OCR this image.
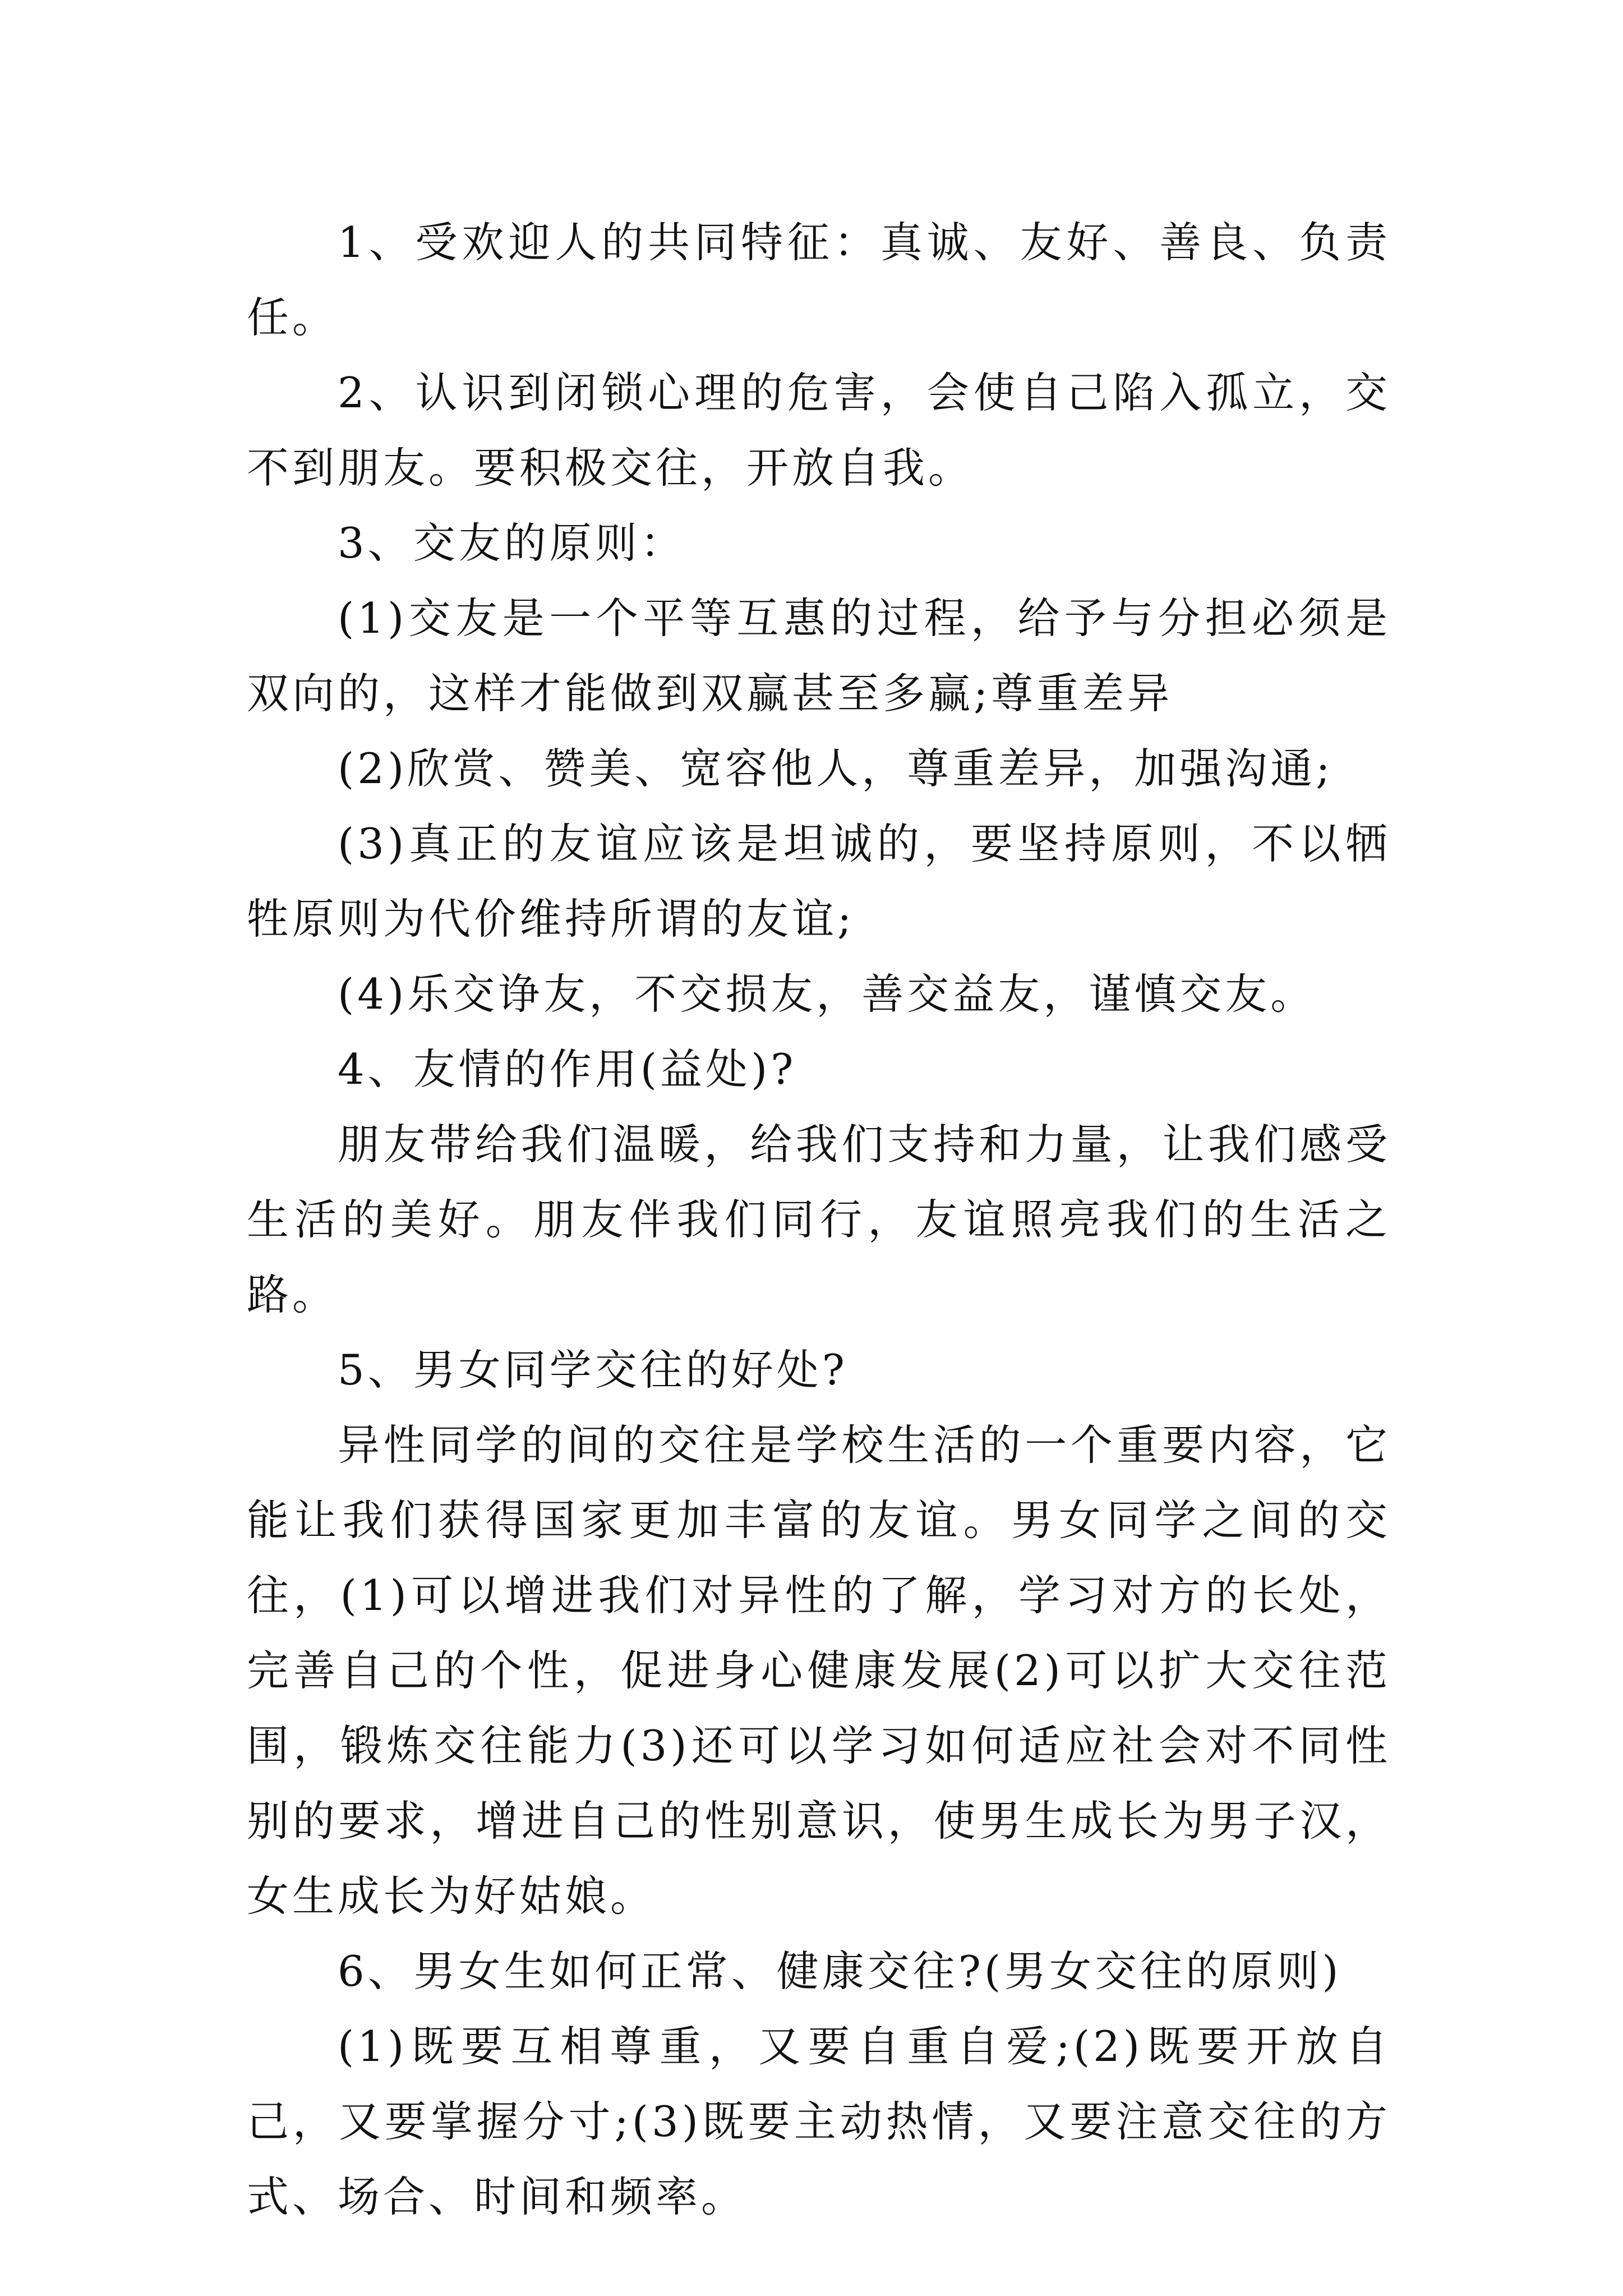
1、受欢迎人的共同特征：真诚、友好、善良、负责任。

2、认识到闭锁心理的危害，会使自己陷入孤立，交不到朋友。要积极交往，开放自我。

3、交友的原则：

(1)交友是一个平等互惠的过程，给予与分担必须是双向的，这样才能做到双赢甚至多赢;尊重差异

(2)欣赏、赞美、宽容他人，尊重差异，加强沟通;

(3)真正的友谊应该是坦诚的，要坚持原则，不以牺牲原则为代价维持所谓的友谊;

(4)乐交诤友，不交损友，善交益友，谨慎交友。

4、友情的作用(益处)?

朋友带给我们温暖，给我们支持和力量，让我们感受生活的美好。朋友伴我们同行，友谊照亮我们的生活之路。

5、男女同学交往的好处?

异性同学的间的交往是学校生活的一个重要内容，它能让我们获得国家更加丰富的友谊。男女同学之间的交往，(1)可以增进我们对异性的了解，学习对方的长处，完善自己的个性，促进身心健康发展(2)可以扩大交往范围，锻炼交往能力(3)还可以学习如何适应社会对不同性别的要求，增进自己的性别意识，使男生成长为男子汉，女生成长为好姑娘。

6、男女生如何正常、健康交往?(男女交往的原则)

(1)既要互相尊重，又要自重自爱;(2)既要开放自己，又要掌握分寸;(3)既要主动热情，又要注意交往的方式、场合、时间和频率。
